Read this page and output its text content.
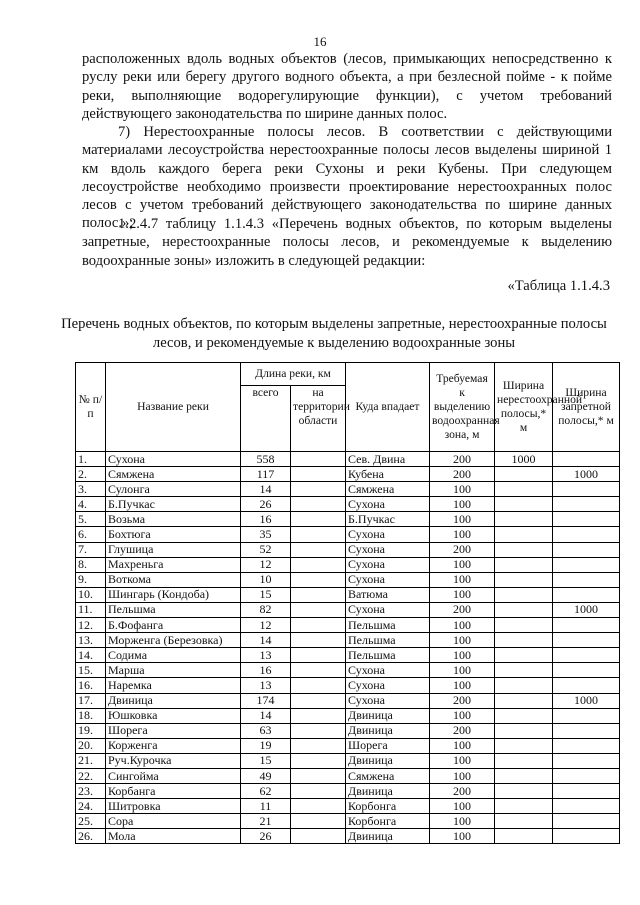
16

расположенных вдоль водных объектов (лесов, примыкающих непосредственно к руслу реки или берегу другого водного объекта, а при безлесной пойме - к пойме реки, выполняющие водорегулирующие функции), с учетом требований действующего законодательства по ширине данных полос.

7) Нерестоохранные полосы лесов. В соответствии с действующими материалами лесоустройства нерестоохранные полосы лесов выделены шириной 1 км вдоль каждого берега реки Сухоны и реки Кубены. При следующем лесоустройстве необходимо произвести проектирование нерестоохранных полос лесов с учетом требований действующего законодательства по ширине данных полос.»;

1.2.4.7 таблицу 1.1.4.3 «Перечень водных объектов, по которым выделены запретные, нерестоохранные полосы лесов, и рекомендуемые к выделению водоохранные зоны» изложить в следующей редакции:

«Таблица 1.1.4.3
Перечень водных объектов, по которым выделены запретные, нерестоохранные полосы лесов, и рекомендуемые к выделению водоохранные зоны
№ п/п	Название реки	Длина реки, км		Куда впадает	Требуемая к выделению водоохранная зона, м	Ширина нерестоохранной полосы,* м	Ширина запретной полосы,* м
		всего	на территории области				
1.	Сухона	558		Сев. Двина	200	1000	
2.	Сямжена	117		Кубена	200		1000
3.	Сулонга	14		Сямжена	100		
4.	Б.Пучкас	26		Сухона	100		
5.	Возьма	16		Б.Пучкас	100		
6.	Бохтюга	35		Сухона	100		
7.	Глушица	52		Сухона	200		
8.	Махреньга	12		Сухона	100		
9.	Воткома	10		Сухона	100		
10.	Шингарь (Кондоба)	15		Ватюма	100		
11.	Пельшма	82		Сухона	200		1000
12.	Б.Фофанга	12		Пельшма	100		
13.	Морженга (Березовка)	14		Пельшма	100		
14.	Содима	13		Пельшма	100		
15.	Марша	16		Сухона	100		
16.	Наремка	13		Сухона	100		
17.	Двиница	174		Сухона	200		1000
18.	Юшковка	14		Двиница	100		
19.	Шорега	63		Двиница	200		
20.	Корженга	19		Шорега	100		
21.	Руч.Курочка	15		Двиница	100		
22.	Сингойма	49		Сямжена	100		
23.	Корбанга	62		Двиница	200		
24.	Шитровка	11		Корбонга	100		
25.	Сора	21		Корбонга	100		
26.	Мола	26		Двиница	100		
